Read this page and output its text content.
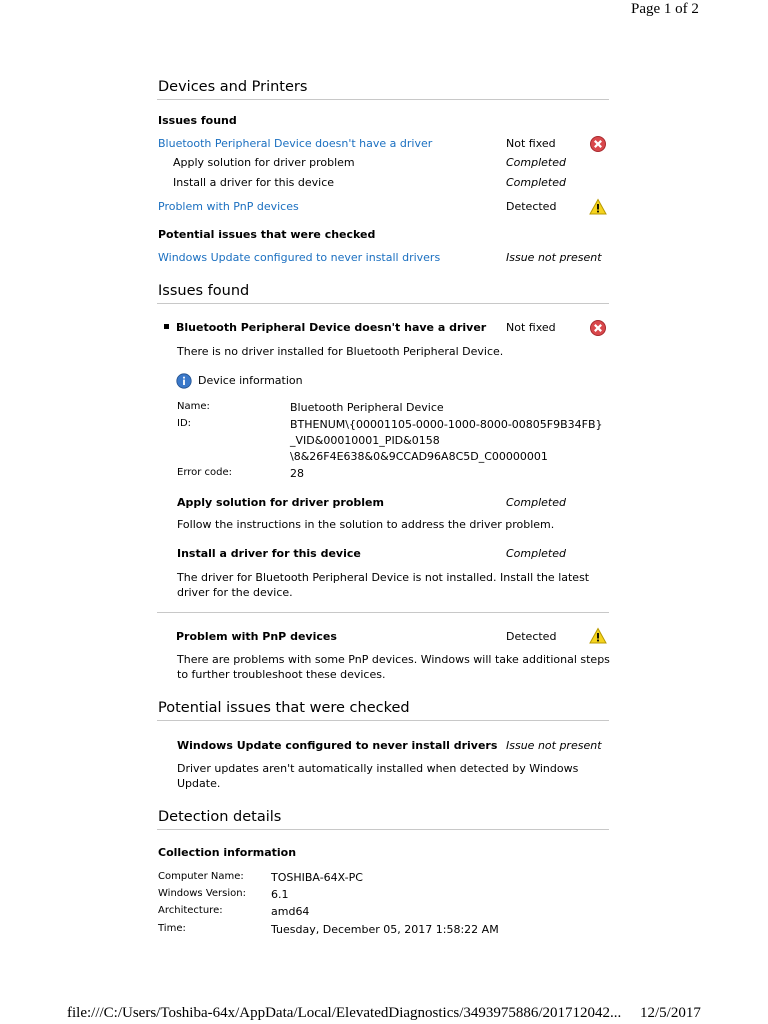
Page 1 of 2
Devices and Printers
Issues found
Bluetooth Peripheral Device doesn't have a driver	Not fixed
Apply solution for driver problem	Completed
Install a driver for this device	Completed
Problem with PnP devices	Detected
Potential issues that were checked
Windows Update configured to never install drivers	Issue not present
Issues found
Bluetooth Peripheral Device doesn't have a driver Not fixed
There is no driver installed for Bluetooth Peripheral Device.
Device information
Name:	Bluetooth Peripheral Device
ID:	BTHENUM\{00001105-0000-1000-8000-00805F9B34FB}
_VID&00010001_PID&0158
\8&26F4E638&0&9CCAD96A8C5D_C00000001
Error code:	28
Apply solution for driver problem	Completed
Follow the instructions in the solution to address the driver problem.
Install a driver for this device	Completed
The driver for Bluetooth Peripheral Device is not installed. Install the latest
driver for the device.
Problem with PnP devices	Detected
There are problems with some PnP devices. Windows will take additional steps
to further troubleshoot these devices.
Potential issues that were checked
Windows Update configured to never install drivers Issue not present
Driver updates aren't automatically installed when detected by Windows
Update.
Detection details
Collection information
Computer Name: TOSHIBA-64X-PC
Windows Version: 6.1
Architecture:	amd64
Time:	Tuesday, December 05, 2017 1:58:22 AM
file:///C:/Users/Toshiba-64x/AppData/Local/ElevatedDiagnostics/3493975886/201712042... 12/5/2017
